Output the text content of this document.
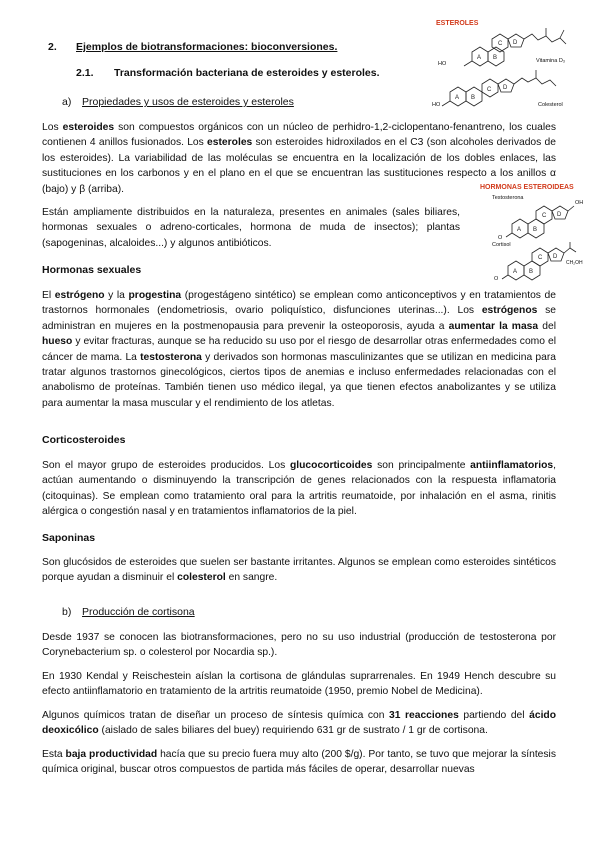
2. Ejemplos de biotransformaciones: bioconversiones.
2.1. Transformación bacteriana de esteroides y esteroles.
a) Propiedades y usos de esteroides y esteroles
ESTEROLES
A B
C D
A B
C D
HO
HO
Vitamina D₃
Colesterol
HORMONAS ESTEROIDEAS
Testosterona
Cortisol
A B
C D
A B
C D
OH
O
CH₂OH
O
Los esteroides son compuestos orgánicos con un núcleo de perhidro-1,2-ciclopentano-fenantreno, los cuales contienen 4 anillos fusionados. Los esteroles son esteroides hidroxilados en el C3 (son alcoholes derivados de los esteroides). La variabilidad de las moléculas se encuentra en la localización de los dobles enlaces, las sustituciones en los carbonos y en el plano en el que se encuentran las sustituciones respecto a los anillos α (bajo) y β (arriba).
Están ampliamente distribuidos en la naturaleza, presentes en animales (sales biliares, hormonas sexuales o adreno-corticales, hormona de muda de insectos); plantas (sapogeninas, alcaloides...) y algunos antibióticos.
Hormonas sexuales
El estrógeno y la progestina (progestágeno sintético) se emplean como anticonceptivos y en tratamientos de trastornos hormonales (endometriosis, ovario poliquístico, disfunciones uterinas...). Los estrógenos se administran en mujeres en la postmenopausia para prevenir la osteoporosis, ayuda a aumentar la masa del hueso y evitar fracturas, aunque se ha reducido su uso por el riesgo de desarrollar otras enfermedades como el cáncer de mama. La testosterona y derivados son hormonas masculinizantes que se utilizan en medicina para tratar algunos trastornos ginecológicos, ciertos tipos de anemias e incluso enfermedades relacionadas con el anabolismo de proteínas. También tienen uso médico ilegal, ya que tienen efectos anabolizantes y se utiliza para aumentar la masa muscular y el rendimiento de los atletas.
Corticosteroides
Son el mayor grupo de esteroides producidos. Los glucocorticoides son principalmente antiinflamatorios, actúan aumentando o disminuyendo la transcripción de genes relacionados con la respuesta inflamatoria (citoquinas). Se emplean como tratamiento oral para la artritis reumatoide, por inhalación en el asma, rinitis alérgica o congestión nasal y en tratamientos inflamatorios de la piel.
Saponinas
Son glucósidos de esteroides que suelen ser bastante irritantes. Algunos se emplean como esteroides sintéticos porque ayudan a disminuir el colesterol en sangre.
b) Producción de cortisona
Desde 1937 se conocen las biotransformaciones, pero no su uso industrial (producción de testosterona por Corynebacterium sp. o colesterol por Nocardia sp.).
En 1930 Kendal y Reischestein aíslan la cortisona de glándulas suprarrenales. En 1949 Hench descubre su efecto antiinflamatorio en tratamiento de la artritis reumatoide (1950, premio Nobel de Medicina).
Algunos químicos tratan de diseñar un proceso de síntesis química con 31 reacciones partiendo del ácido deoxicólico (aislado de sales biliares del buey) requiriendo 631 gr de sustrato / 1 gr de cortisona.
Esta baja productividad hacía que su precio fuera muy alto (200 $/g). Por tanto, se tuvo que mejorar la síntesis química original, buscar otros compuestos de partida más fáciles de operar, desarrollar nuevas
